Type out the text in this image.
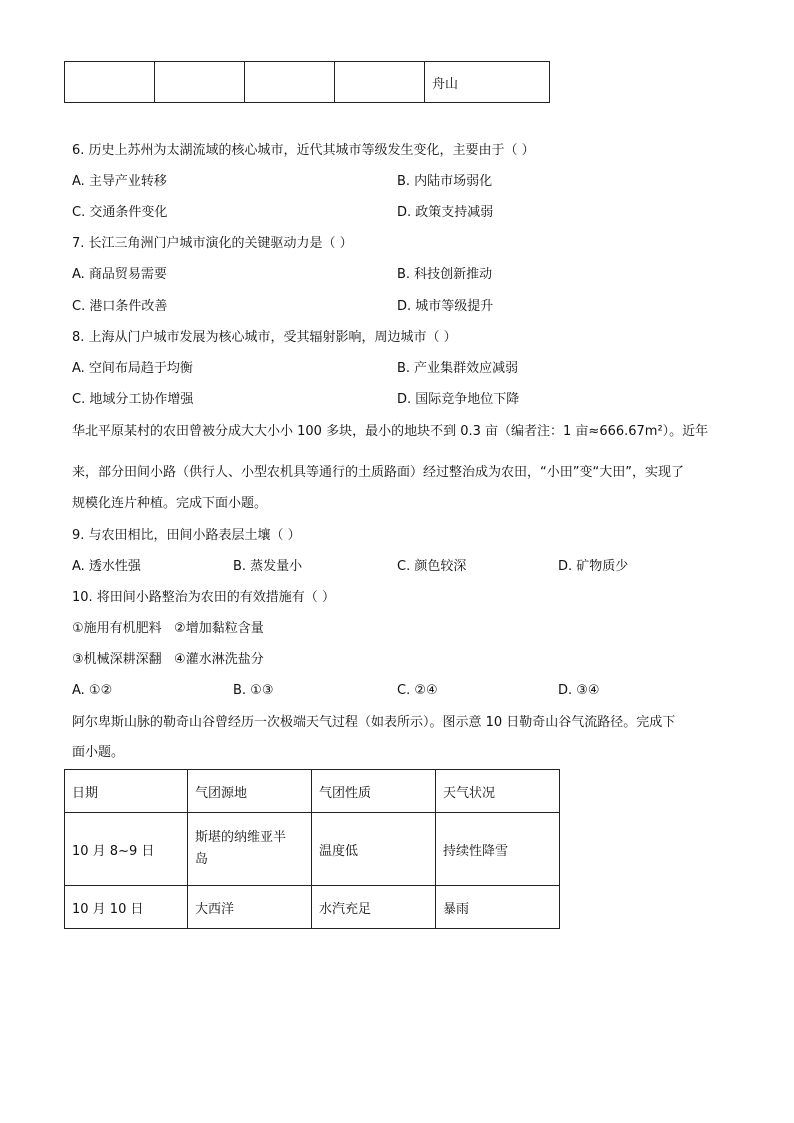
				舟山
6. 历史上苏州为太湖流域的核心城市，近代其城市等级发生变化，主要由于（ ）
A. 主导产业转移	B. 内陆市场弱化
C. 交通条件变化	D. 政策支持减弱
7. 长江三角洲门户城市演化的关键驱动力是（ ）
A. 商品贸易需要	B. 科技创新推动
C. 港口条件改善	D. 城市等级提升
8. 上海从门户城市发展为核心城市，受其辐射影响，周边城市（ ）
A. 空间布局趋于均衡	B. 产业集群效应减弱
C. 地域分工协作增强	D. 国际竞争地位下降
华北平原某村的农田曾被分成大大小小 100 多块，最小的地块不到 0.3 亩（编者注：1 亩≈666.67m²）。近年
来，部分田间小路（供行人、小型农机具等通行的土质路面）经过整治成为农田，“小田”变“大田”，实现了
规模化连片种植。完成下面小题。
9. 与农田相比，田间小路表层土壤（ ）
A. 透水性强	B. 蒸发量小	C. 颜色较深	D. 矿物质少
10. 将田间小路整治为农田的有效措施有（ ）
①施用有机肥料   ②增加黏粒含量
③机械深耕深翻   ④灌水淋洗盐分
A. ①②	B. ①③	C. ②④	D. ③④
阿尔卑斯山脉的勒奇山谷曾经历一次极端天气过程（如表所示）。图示意 10 日勒奇山谷气流路径。完成下
面小题。
日期	气团源地	气团性质	天气状况
10 月 8~9 日	斯堪的纳维亚半
岛	温度低	持续性降雪
10 月 10 日	大西洋	水汽充足	暴雨
